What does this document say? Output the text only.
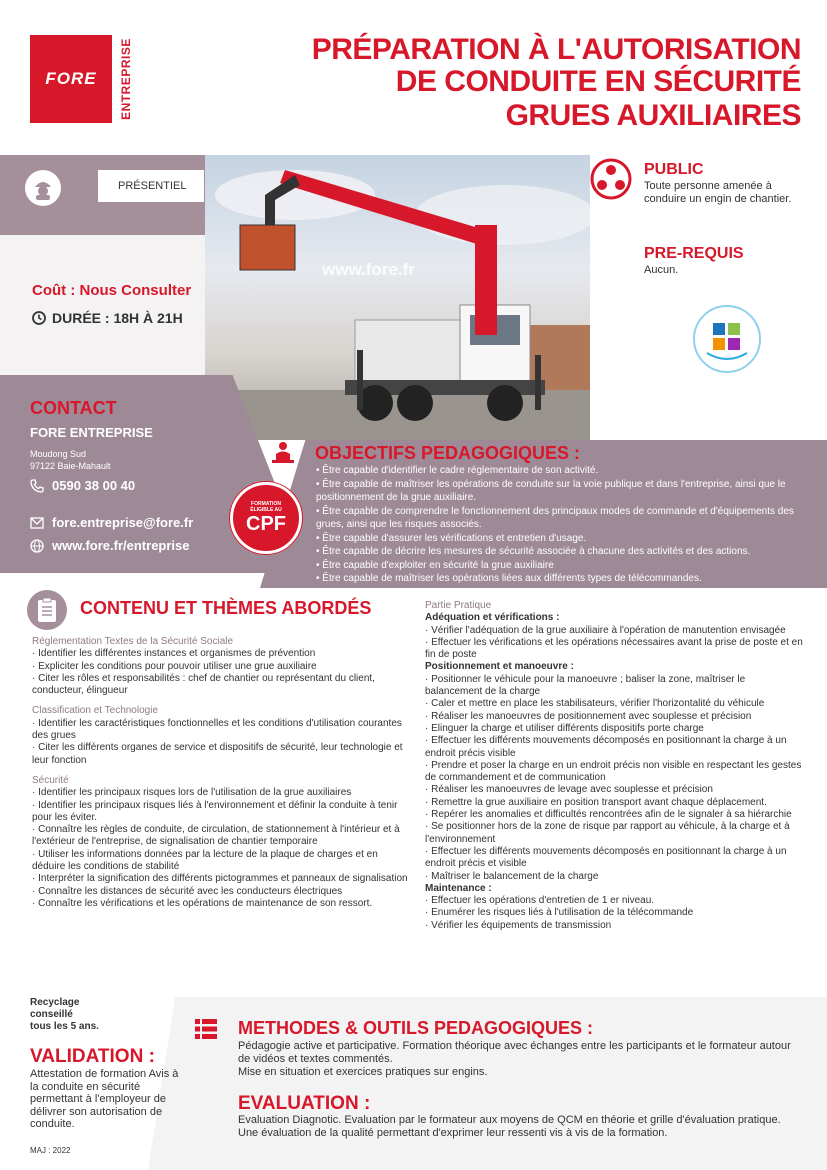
FORE ENTREPRISE	PRÉPARATION À L'AUTORISATION
DE CONDUITE EN SÉCURITÉ
GRUES AUXILIAIRES
www.fore.fr
PRÉSENTIEL
Coût : Nous Consulter
DURÉE : 18H À 21H
PUBLIC
Toute personne amenée à conduire un engin de chantier.
PRE-REQUIS
Aucun.
CONTACT
FORE ENTREPRISE
Moudong Sud
97122 Baie-Mahault
0590 38 00 40
fore.entreprise@fore.fr
www.fore.fr/entreprise
FORMATION
ÉLIGIBLE AU
CPF
OBJECTIFS PEDAGOGIQUES :
• Être capable d'identifier le cadre réglementaire de son activité.
• Être capable de maîtriser les opérations de conduite sur la voie publique et dans l'entreprise, ainsi que le positionnement de la grue auxiliaire.
• Être capable de comprendre le fonctionnement des principaux modes de commande et d'équipements des grues, ainsi que les risques associés.
• Être capable d'assurer les vérifications et entretien d'usage.
• Être capable de décrire les mesures de sécurité associée à chacune des activités et des actions.
• Être capable d'exploiter en sécurité la grue auxiliaire
• Être capable de maîtriser les opérations liées aux différents types de télécommandes.
CONTENU ET THÈMES ABORDÉS
Réglementation Textes de la Sécurité Sociale
· Identifier les différentes instances et organismes de prévention
· Expliciter les conditions pour pouvoir utiliser une grue auxiliaire
· Citer les rôles et responsabilités : chef de chantier ou représentant du client, conducteur, élingueur
Classification et Technologie
· Identifier les caractéristiques fonctionnelles et les conditions d'utilisation courantes des grues
· Citer les différents organes de service et dispositifs de sécurité, leur technologie et leur fonction
Sécurité
· Identifier les principaux risques lors de l'utilisation de la grue auxiliaires
· Identifier les principaux risques liés à l'environnement et définir la conduite à tenir pour les éviter.
· Connaître les règles de conduite, de circulation, de stationnement à l'intérieur et à l'extérieur de l'entreprise, de signalisation de chantier temporaire
· Utiliser les informations données par la lecture de la plaque de charges et en déduire les conditions de stabilité
· Interpréter la signification des différents pictogrammes et panneaux de signalisation
· Connaître les distances de sécurité avec les conducteurs électriques
· Connaître les vérifications et les opérations de maintenance de son ressort.
Partie Pratique
Adéquation et vérifications :
· Vérifier l'adéquation de la grue auxiliaire à l'opération de manutention envisagée
· Effectuer les vérifications et les opérations nécessaires avant la prise de poste et en fin de poste
Positionnement et manoeuvre :
· Positionner le véhicule pour la manoeuvre ; baliser la zone, maîtriser le balancement de la charge
· Caler et mettre en place les stabilisateurs, vérifier l'horizontalité du véhicule
· Réaliser les manoeuvres de positionnement avec souplesse et précision
· Elinguer la charge et utiliser différents dispositifs porte charge
· Effectuer les différents mouvements décomposés en positionnant la charge à un endroit précis visible
· Prendre et poser la charge en un endroit précis non visible en respectant les gestes de commandement et de communication
· Réaliser les manoeuvres de levage avec souplesse et précision
· Remettre la grue auxiliaire en position transport avant chaque déplacement.
· Repérer les anomalies et difficultés rencontrées afin de le signaler à sa hiérarchie
· Se positionner hors de la zone de risque par rapport au véhicule, à la charge et à l'environnement
· Effectuer les différents mouvements décomposés en positionnant la charge à un endroit précis et visible
· Maîtriser le balancement de la charge
Maintenance :
· Effectuer les opérations d'entretien de 1 er niveau.
· Enumérer les risques liés à l'utilisation de la télécommande
· Vérifier les équipements de transmission
Recyclage
conseillé
tous les 5 ans.
VALIDATION :
Attestation de formation Avis à la conduite en sécurité permettant à l'employeur de délivrer son autorisation de conduite.
MAJ : 2022
METHODES & OUTILS PEDAGOGIQUES :
Pédagogie active et participative. Formation théorique avec échanges entre les participants et le formateur autour de vidéos et textes commentés.
Mise en situation et exercices pratiques sur engins.
EVALUATION :
Evaluation Diagnotic. Evaluation par le formateur aux moyens de QCM en théorie et grille d'évaluation pratique. Une évaluation de la qualité permettant d'exprimer leur ressenti vis à vis de la formation.
